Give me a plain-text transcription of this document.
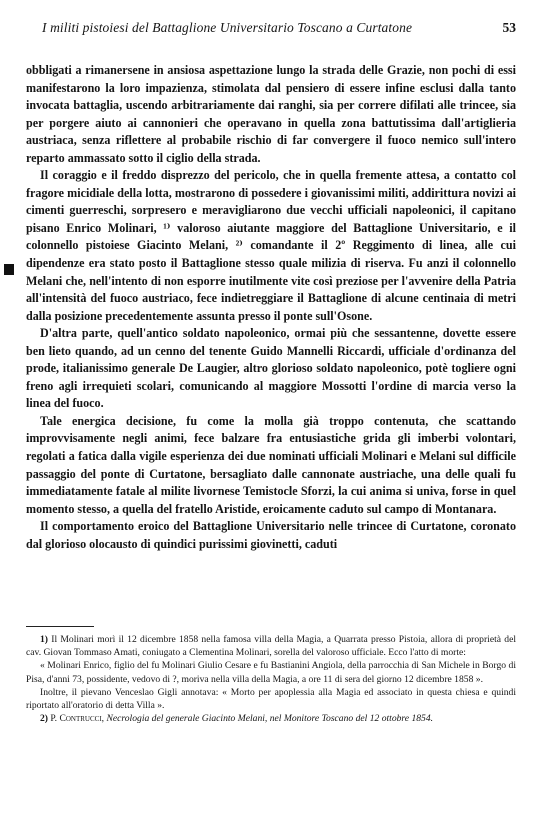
I militi pistoiesi del Battaglione Universitario Toscano a Curtatone	53

obbligati a rimanersene in ansiosa aspettazione lungo la strada delle Grazie, non pochi di essi manifestarono la loro impazienza, stimolata dal pensiero di essere infine esclusi dalla tanto invocata battaglia, uscendo arbitrariamente dai ranghi, sia per correre difilati alle trincee, sia per porgere aiuto ai cannonieri che operavano in quella zona battutissima dall'artiglieria austriaca, senza riflettere al probabile rischio di far convergere il fuoco nemico sull'intero reparto ammassato sotto il ciglio della strada.

Il coraggio e il freddo disprezzo del pericolo, che in quella fremente attesa, a contatto col fragore micidiale della lotta, mostrarono di possedere i giovanissimi militi, addirittura novizi ai cimenti guerreschi, sorpresero e meravigliarono due vecchi ufficiali napoleonici, il capitano pisano Enrico Molinari, ¹⁾ valoroso aiutante maggiore del Battaglione Universitario, e il colonnello pistoiese Giacinto Melani, ²⁾ comandante il 2º Reggimento di linea, alle cui dipendenze era stato posto il Battaglione stesso quale milizia di riserva. Fu anzi il colonnello Melani che, nell'intento di non esporre inutilmente vite così preziose per l'avvenire della Patria all'intensità del fuoco austriaco, fece indietreggiare il Battaglione di alcune centinaia di metri dalla posizione precedentemente assunta presso il ponte sull'Osone.

D'altra parte, quell'antico soldato napoleonico, ormai più che sessantenne, dovette essere ben lieto quando, ad un cenno del tenente Guido Mannelli Riccardi, ufficiale d'ordinanza del prode, italianissimo generale De Laugier, altro glorioso soldato napoleonico, potè togliere ogni freno agli irrequieti scolari, comunicando al maggiore Mossotti l'ordine di marcia verso la linea del fuoco.

Tale energica decisione, fu come la molla già troppo contenuta, che scattando improvvisamente negli animi, fece balzare fra entusiastiche grida gli imberbi volontari, regolati a fatica dalla vigile esperienza dei due nominati ufficiali Molinari e Melani sul difficile passaggio del ponte di Curtatone, bersagliato dalle cannonate austriache, una delle quali fu immediatamente fatale al milite livornese Temistocle Sforzi, la cui anima si univa, forse in quel momento stesso, a quella del fratello Aristide, eroicamente caduto sul campo di Montanara.

Il comportamento eroico del Battaglione Universitario nelle trincee di Curtatone, coronato dal glorioso olocausto di quindici purissimi giovinetti, caduti

1) Il Molinari morì il 12 dicembre 1858 nella famosa villa della Magia, a Quarrata presso Pistoia, allora di proprietà del cav. Giovan Tommaso Amati, coniugato a Clementina Molinari, sorella del valoroso ufficiale. Ecco l'atto di morte:

« Molinari Enrico, figlio del fu Molinari Giulio Cesare e fu Bastianini Angiola, della parrocchia di San Michele in Borgo di Pisa, d'anni 73, possidente, vedovo di ?, moriva nella villa della Magia, a ore 11 di sera del giorno 12 dicembre 1858 ».

Inoltre, il pievano Venceslao Gigli annotava: « Morto per apoplessia alla Magia ed associato in questa chiesa e quindi riportato all'oratorio di detta Villa ».

2) P. Contrucci, Necrologia del generale Giacinto Melani, nel Monitore Toscano del 12 ottobre 1854.
